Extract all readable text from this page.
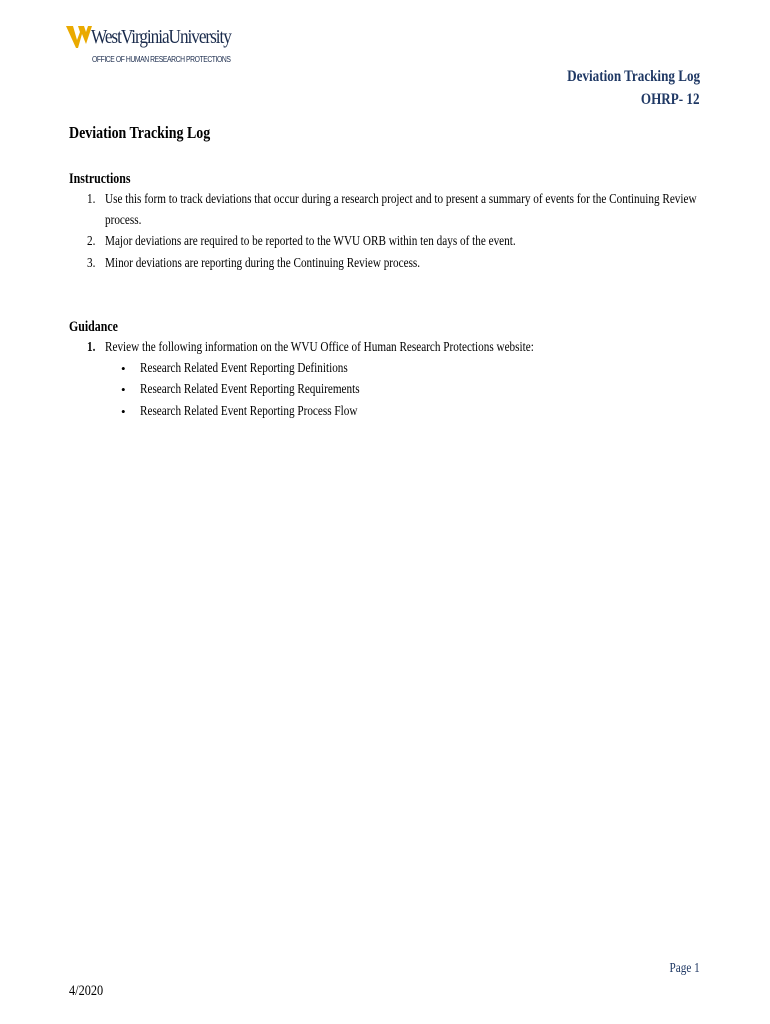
WestVirginiaUniversity
OFFICE OF HUMAN RESEARCH PROTECTIONS
Deviation Tracking Log
OHRP- 12
Deviation Tracking Log
Instructions
1. Use this form to track deviations that occur during a research project and to present a summary of events for the Continuing Review
process.
2. Major deviations are required to be reported to the WVU ORB within ten days of the event.
3. Minor deviations are reporting during the Continuing Review process.
Guidance
1. Review the following information on the WVU Office of Human Research Protections website:
• Research Related Event Reporting Definitions
• Research Related Event Reporting Requirements
• Research Related Event Reporting Process Flow
Page 1
4/2020
